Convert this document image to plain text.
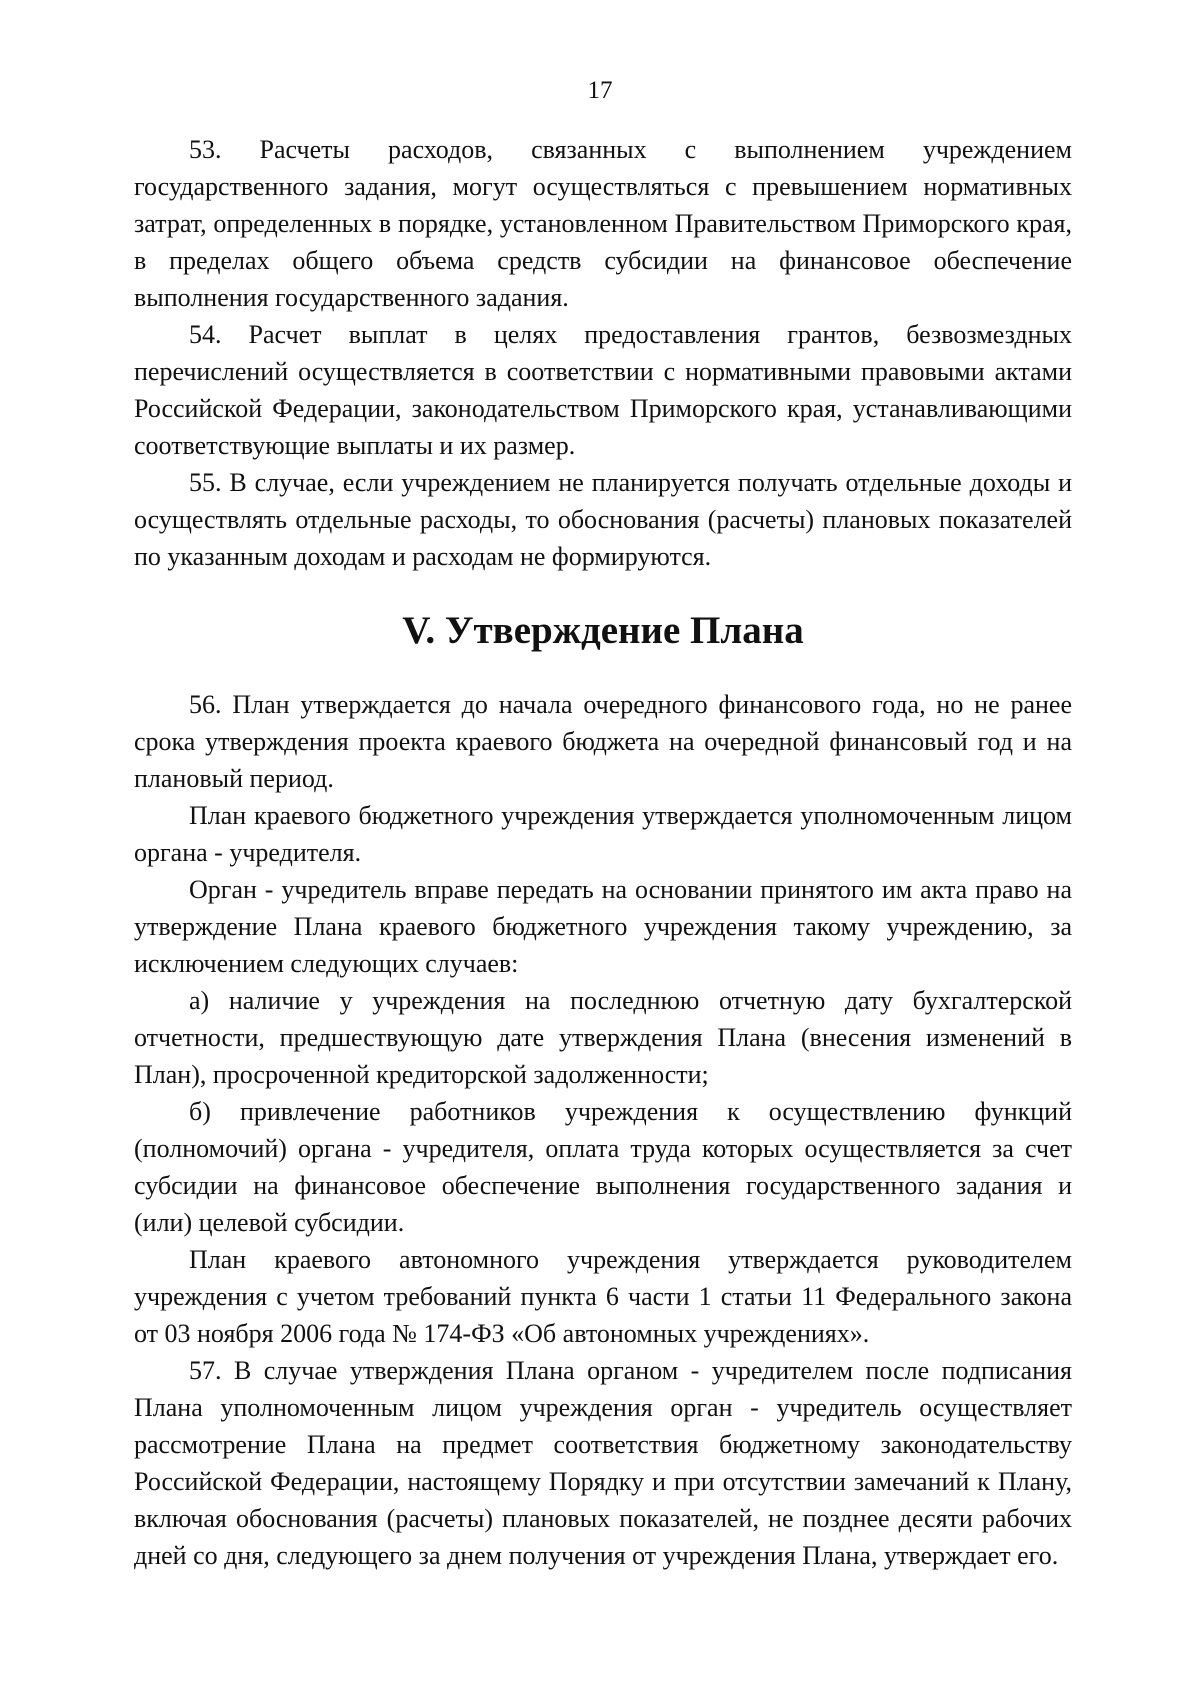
17

53. Расчеты расходов, связанных с выполнением учреждением государственного задания, могут осуществляться с превышением нормативных затрат, определенных в порядке, установленном Правительством Приморского края, в пределах общего объема средств субсидии на финансовое обеспечение выполнения государственного задания.

54. Расчет выплат в целях предоставления грантов, безвозмездных перечислений осуществляется в соответствии с нормативными правовыми актами Российской Федерации, законодательством Приморского края, устанавливающими соответствующие выплаты и их размер.

55. В случае, если учреждением не планируется получать отдельные доходы и осуществлять отдельные расходы, то обоснования (расчеты) плановых показателей по указанным доходам и расходам не формируются.

V. Утверждение Плана

56. План утверждается до начала очередного финансового года, но не ранее срока утверждения проекта краевого бюджета на очередной финансовый год и на плановый период.

План краевого бюджетного учреждения утверждается уполномоченным лицом органа - учредителя.

Орган - учредитель вправе передать на основании принятого им акта право на утверждение Плана краевого бюджетного учреждения такому учреждению, за исключением следующих случаев:

а) наличие у учреждения на последнюю отчетную дату бухгалтерской отчетности, предшествующую дате утверждения Плана (внесения изменений в План), просроченной кредиторской задолженности;

б) привлечение работников учреждения к осуществлению функций (полномочий) органа - учредителя, оплата труда которых осуществляется за счет субсидии на финансовое обеспечение выполнения государственного задания и (или) целевой субсидии.

План краевого автономного учреждения утверждается руководителем учреждения с учетом требований пункта 6 части 1 статьи 11 Федерального закона от 03 ноября 2006 года № 174-ФЗ «Об автономных учреждениях».

57. В случае утверждения Плана органом - учредителем после подписания Плана уполномоченным лицом учреждения орган - учредитель осуществляет рассмотрение Плана на предмет соответствия бюджетному законодательству Российской Федерации, настоящему Порядку и при отсутствии замечаний к Плану, включая обоснования (расчеты) плановых показателей, не позднее десяти рабочих дней со дня, следующего за днем получения от учреждения Плана, утверждает его.
